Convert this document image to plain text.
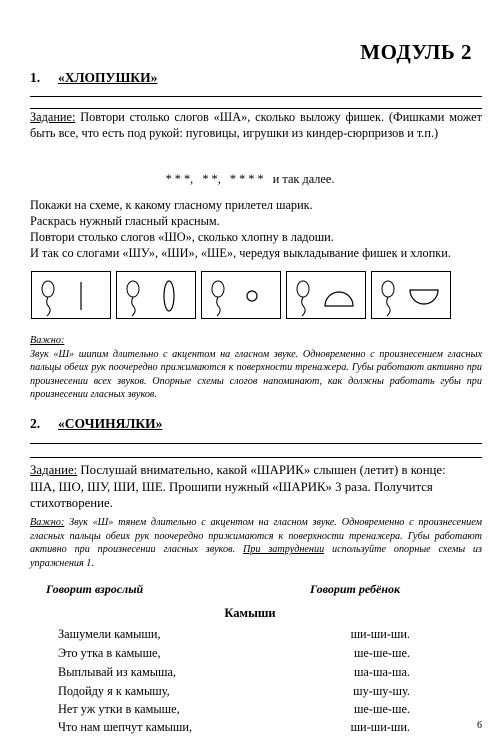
МОДУЛЬ 2
1. «ХЛОПУШКИ»
Задание: Повтори столько слогов «ША», сколько выложу фишек. (Фишками может быть все, что есть под рукой: пуговицы, игрушки из киндер-сюрпризов и т.п.)
* * *, * *, * * * * и так далее.
Покажи на схеме, к какому гласному прилетел шарик.
Раскрась нужный гласный красным.
Повтори столько слогов «ШО», сколько хлопну в ладоши.
И так со слогами «ШУ», «ШИ», «ШЕ», чередуя выкладывание фишек и хлопки.
Важно:
Звук «Ш» шипим длительно с акцентом на гласном звуке. Одновременно с произнесением гласных пальцы обеих рук поочередно прижимаются к поверхности тренажера. Губы работают активно при произнесении всех звуков. Опорные схемы слогов напоминают, как должны работать губы при произнесении гласных звуков.
2. «СОЧИНЯЛКИ»
Задание: Послушай внимательно, какой «ШАРИК» слышен (летит) в конце:
ША, ШО, ШУ, ШИ, ШЕ. Прошипи нужный «ШАРИК» 3 раза. Получится
стихотворение.
Важно: Звук «Ш» тянем длительно с акцентом на гласном звуке. Одновременно с произнесением гласных пальцы обеих рук поочередно прижимаются к поверхности тренажера. Губы работают активно при произнесении гласных звуков. При затруднении используйте опорные схемы из упражнения 1.
Говорит взрослый	Говорит ребёнок
Камыши
Зашумели камыши,	ши-ши-ши.
Это утка в камыше,	ше-ше-ше.
Выплывай из камыша,	ша-ша-ша.
Подойду я к камышу,	шу-шу-шу.
Нет уж утки в камыше,	ше-ше-ше.
Что нам шепчут камыши,	ши-ши-ши.	6
